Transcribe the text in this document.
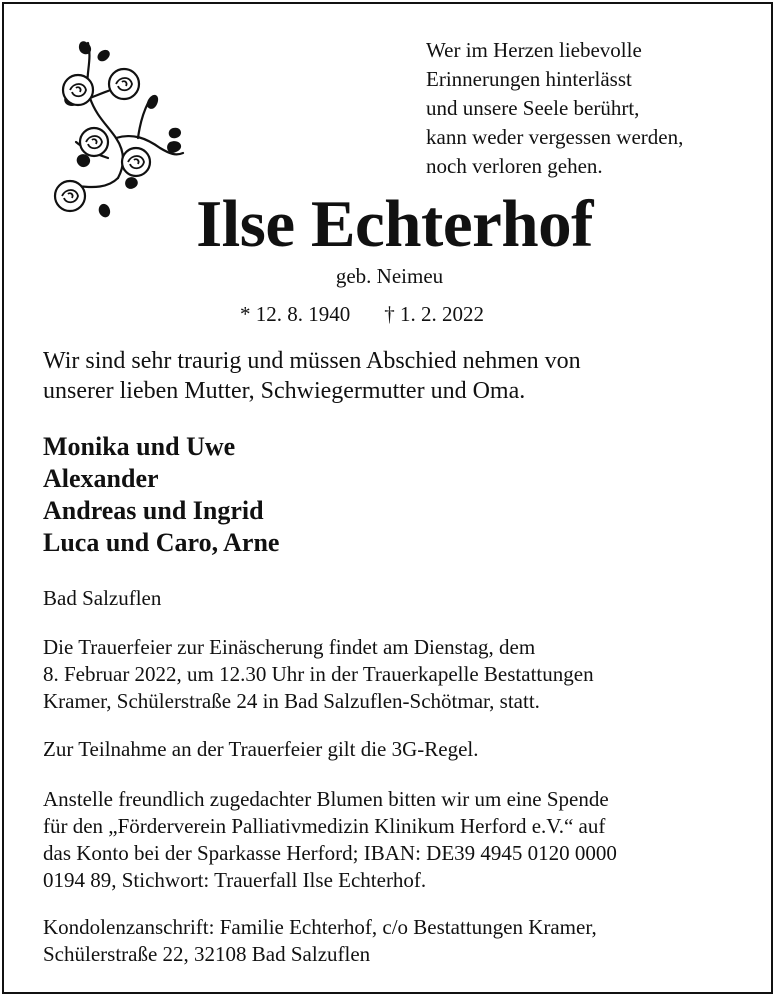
Wer im Herzen liebevolle
Erinnerungen hinterlässt
und unsere Seele berührt,
kann weder vergessen werden,
noch verloren gehen.
Ilse Echterhof
geb. Neimeu
* 12. 8. 1940 † 1. 2. 2022
Wir sind sehr traurig und müssen Abschied nehmen von
unserer lieben Mutter, Schwiegermutter und Oma.
Monika und Uwe
Alexander
Andreas und Ingrid
Luca und Caro, Arne
Bad Salzuflen
Die Trauerfeier zur Einäscherung findet am Dienstag, dem
8. Februar 2022, um 12.30 Uhr in der Trauerkapelle Bestattungen
Kramer, Schülerstraße 24 in Bad Salzuflen-Schötmar, statt.
Zur Teilnahme an der Trauerfeier gilt die 3G-Regel.
Anstelle freundlich zugedachter Blumen bitten wir um eine Spende
für den „Förderverein Palliativmedizin Klinikum Herford e.V.“ auf
das Konto bei der Sparkasse Herford; IBAN: DE39 4945 0120 0000
0194 89, Stichwort: Trauerfall Ilse Echterhof.
Kondolenzanschrift: Familie Echterhof, c/o Bestattungen Kramer,
Schülerstraße 22, 32108 Bad Salzuflen
